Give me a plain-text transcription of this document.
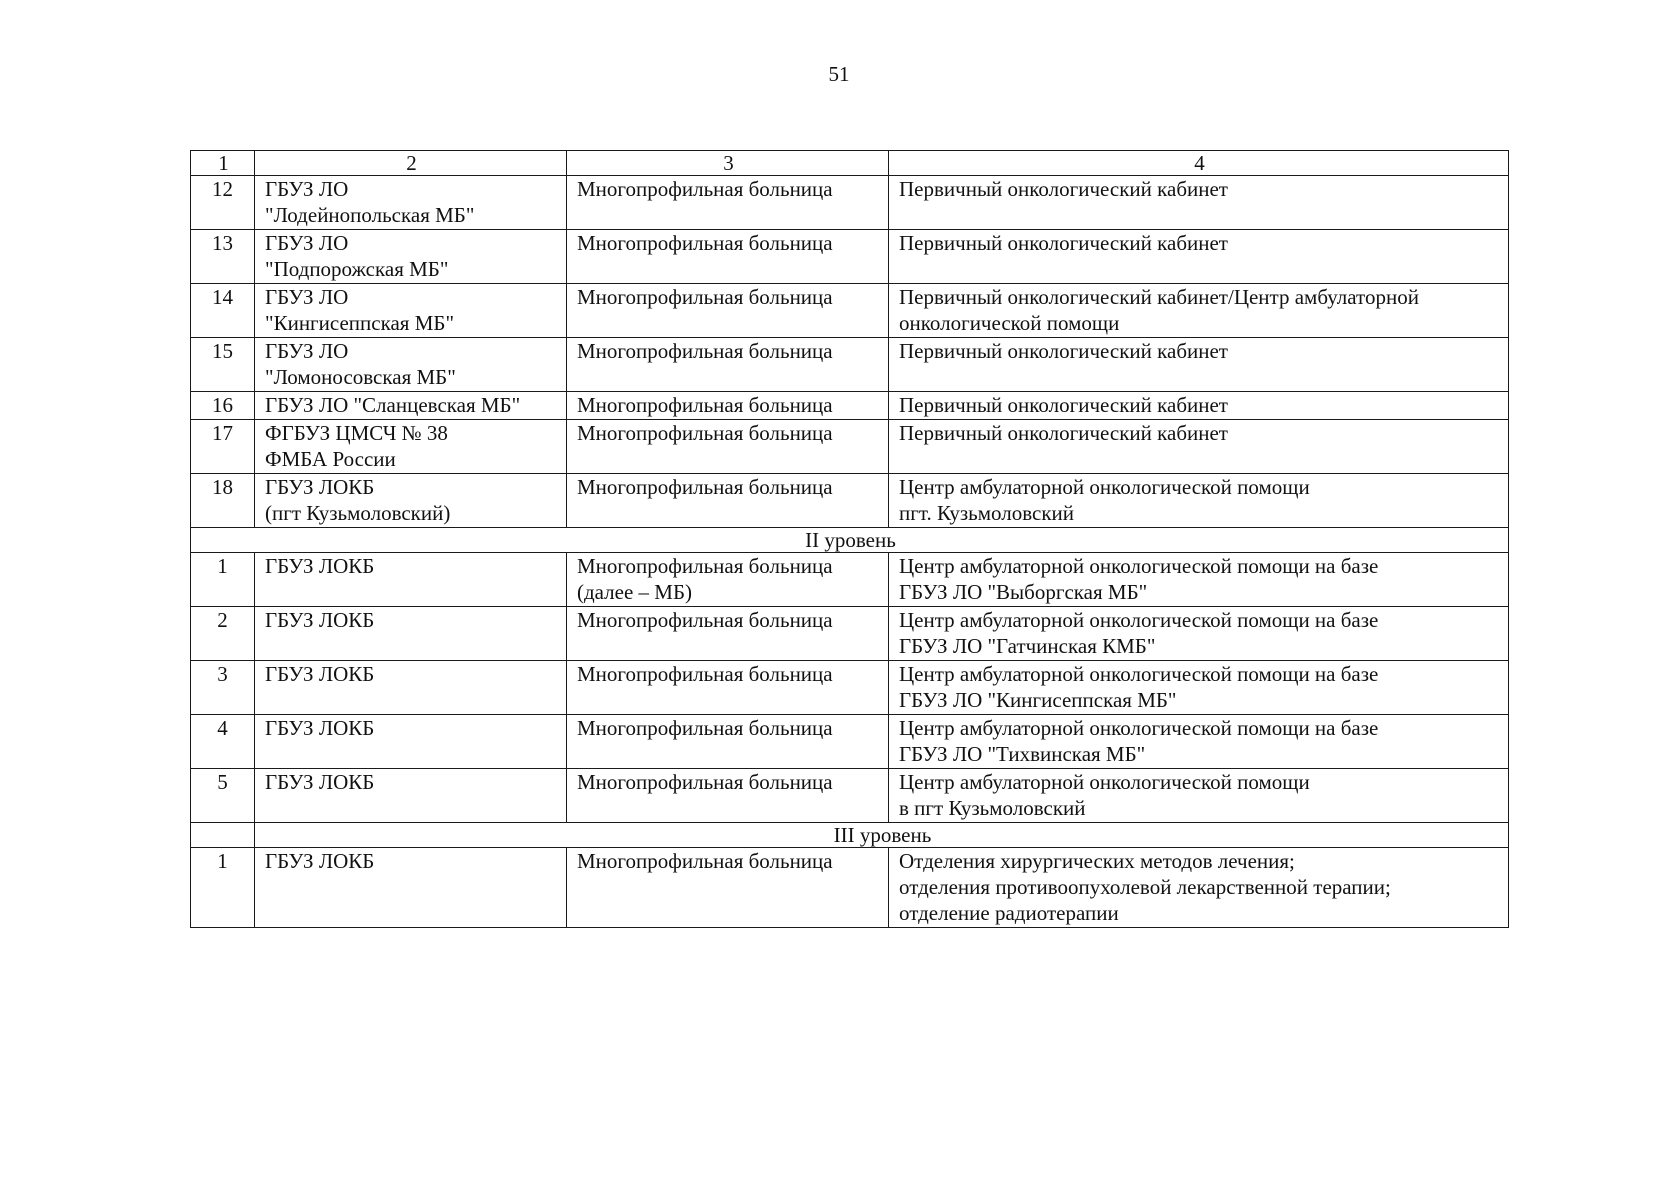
51
1	2	3	4
12	ГБУЗ ЛО
"Лодейнопольская МБ"	Многопрофильная больница	Первичный онкологический кабинет

13	ГБУЗ ЛО
"Подпорожская МБ"	Многопрофильная больница	Первичный онкологический кабинет

14	ГБУЗ ЛО
"Кингисеппская МБ"	Многопрофильная больница	Первичный онкологический кабинет/Центр амбулаторной
онкологической помощи

15	ГБУЗ ЛО
"Ломоносовская МБ"	Многопрофильная больница	Первичный онкологический кабинет

16	ГБУЗ ЛО "Сланцевская МБ"	Многопрофильная больница	Первичный онкологический кабинет

17	ФГБУЗ ЦМСЧ № 38
ФМБА России	Многопрофильная больница	Первичный онкологический кабинет

18	ГБУЗ ЛОКБ
(пгт Кузьмоловский)	Многопрофильная больница	Центр амбулаторной онкологической помощи
пгт. Кузьмоловский

II уровень			
1	ГБУЗ ЛОКБ	Многопрофильная больница
(далее – МБ)	Центр амбулаторной онкологической помощи на базе
ГБУЗ ЛО "Выборгская МБ"

2	ГБУЗ ЛОКБ	Многопрофильная больница	Центр амбулаторной онкологической помощи на базе
ГБУЗ ЛО "Гатчинская КМБ"

3	ГБУЗ ЛОКБ	Многопрофильная больница	Центр амбулаторной онкологической помощи на базе
ГБУЗ ЛО "Кингисеппская МБ"

4	ГБУЗ ЛОКБ	Многопрофильная больница	Центр амбулаторной онкологической помощи на базе
ГБУЗ ЛО "Тихвинская МБ"

5	ГБУЗ ЛОКБ	Многопрофильная больница	Центр амбулаторной онкологической помощи
в пгт Кузьмоловский

	III уровень		
1	ГБУЗ ЛОКБ	Многопрофильная больница	Отделения хирургических методов лечения;
отделения противоопухолевой лекарственной терапии;
отделение радиотерапии
